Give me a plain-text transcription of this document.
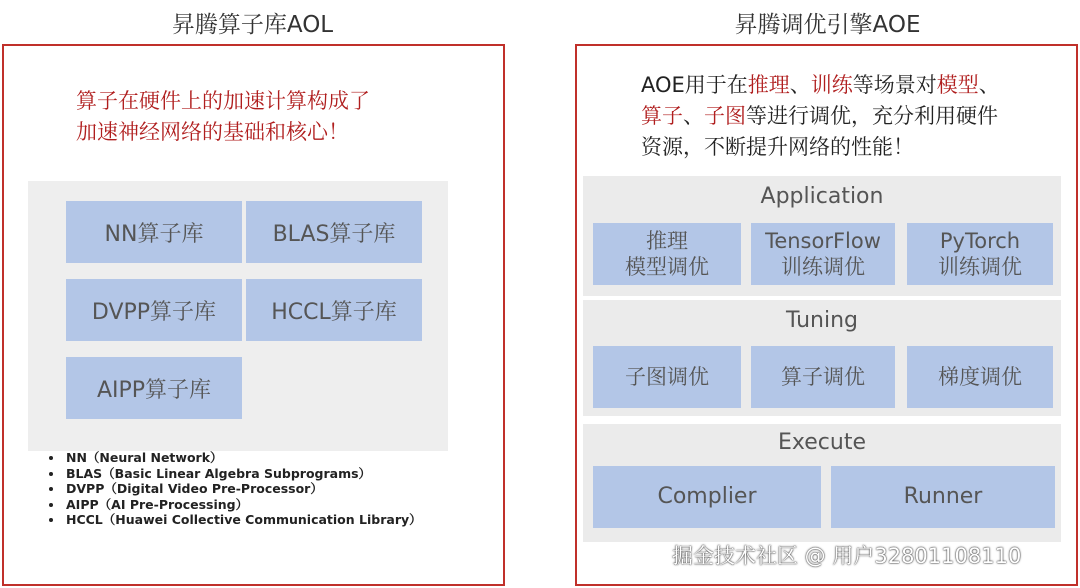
昇腾算子库AOL
算子在硬件上的加速计算构成了
加速神经网络的基础和核心！
NN算子库	BLAS算子库
DVPP算子库	HCCL算子库
AIPP算子库
NN（Neural Network）
BLAS（Basic Linear Algebra Subprograms）
DVPP（Digital Video Pre-Processor）
AIPP（AI Pre-Processing）
HCCL（Huawei Collective Communication Library）
昇腾调优引擎AOE
AOE用于在推理、训练等场景对模型、
算子、子图等进行调优，充分利用硬件
资源，不断提升网络的性能！
Application
推理
模型调优
TensorFlow
训练调优
PyTorch
训练调优
Tuning
子图调优	算子调优	梯度调优
Execute
Complier	Runner
掘金技术社区 @ 用户3280110811​0
